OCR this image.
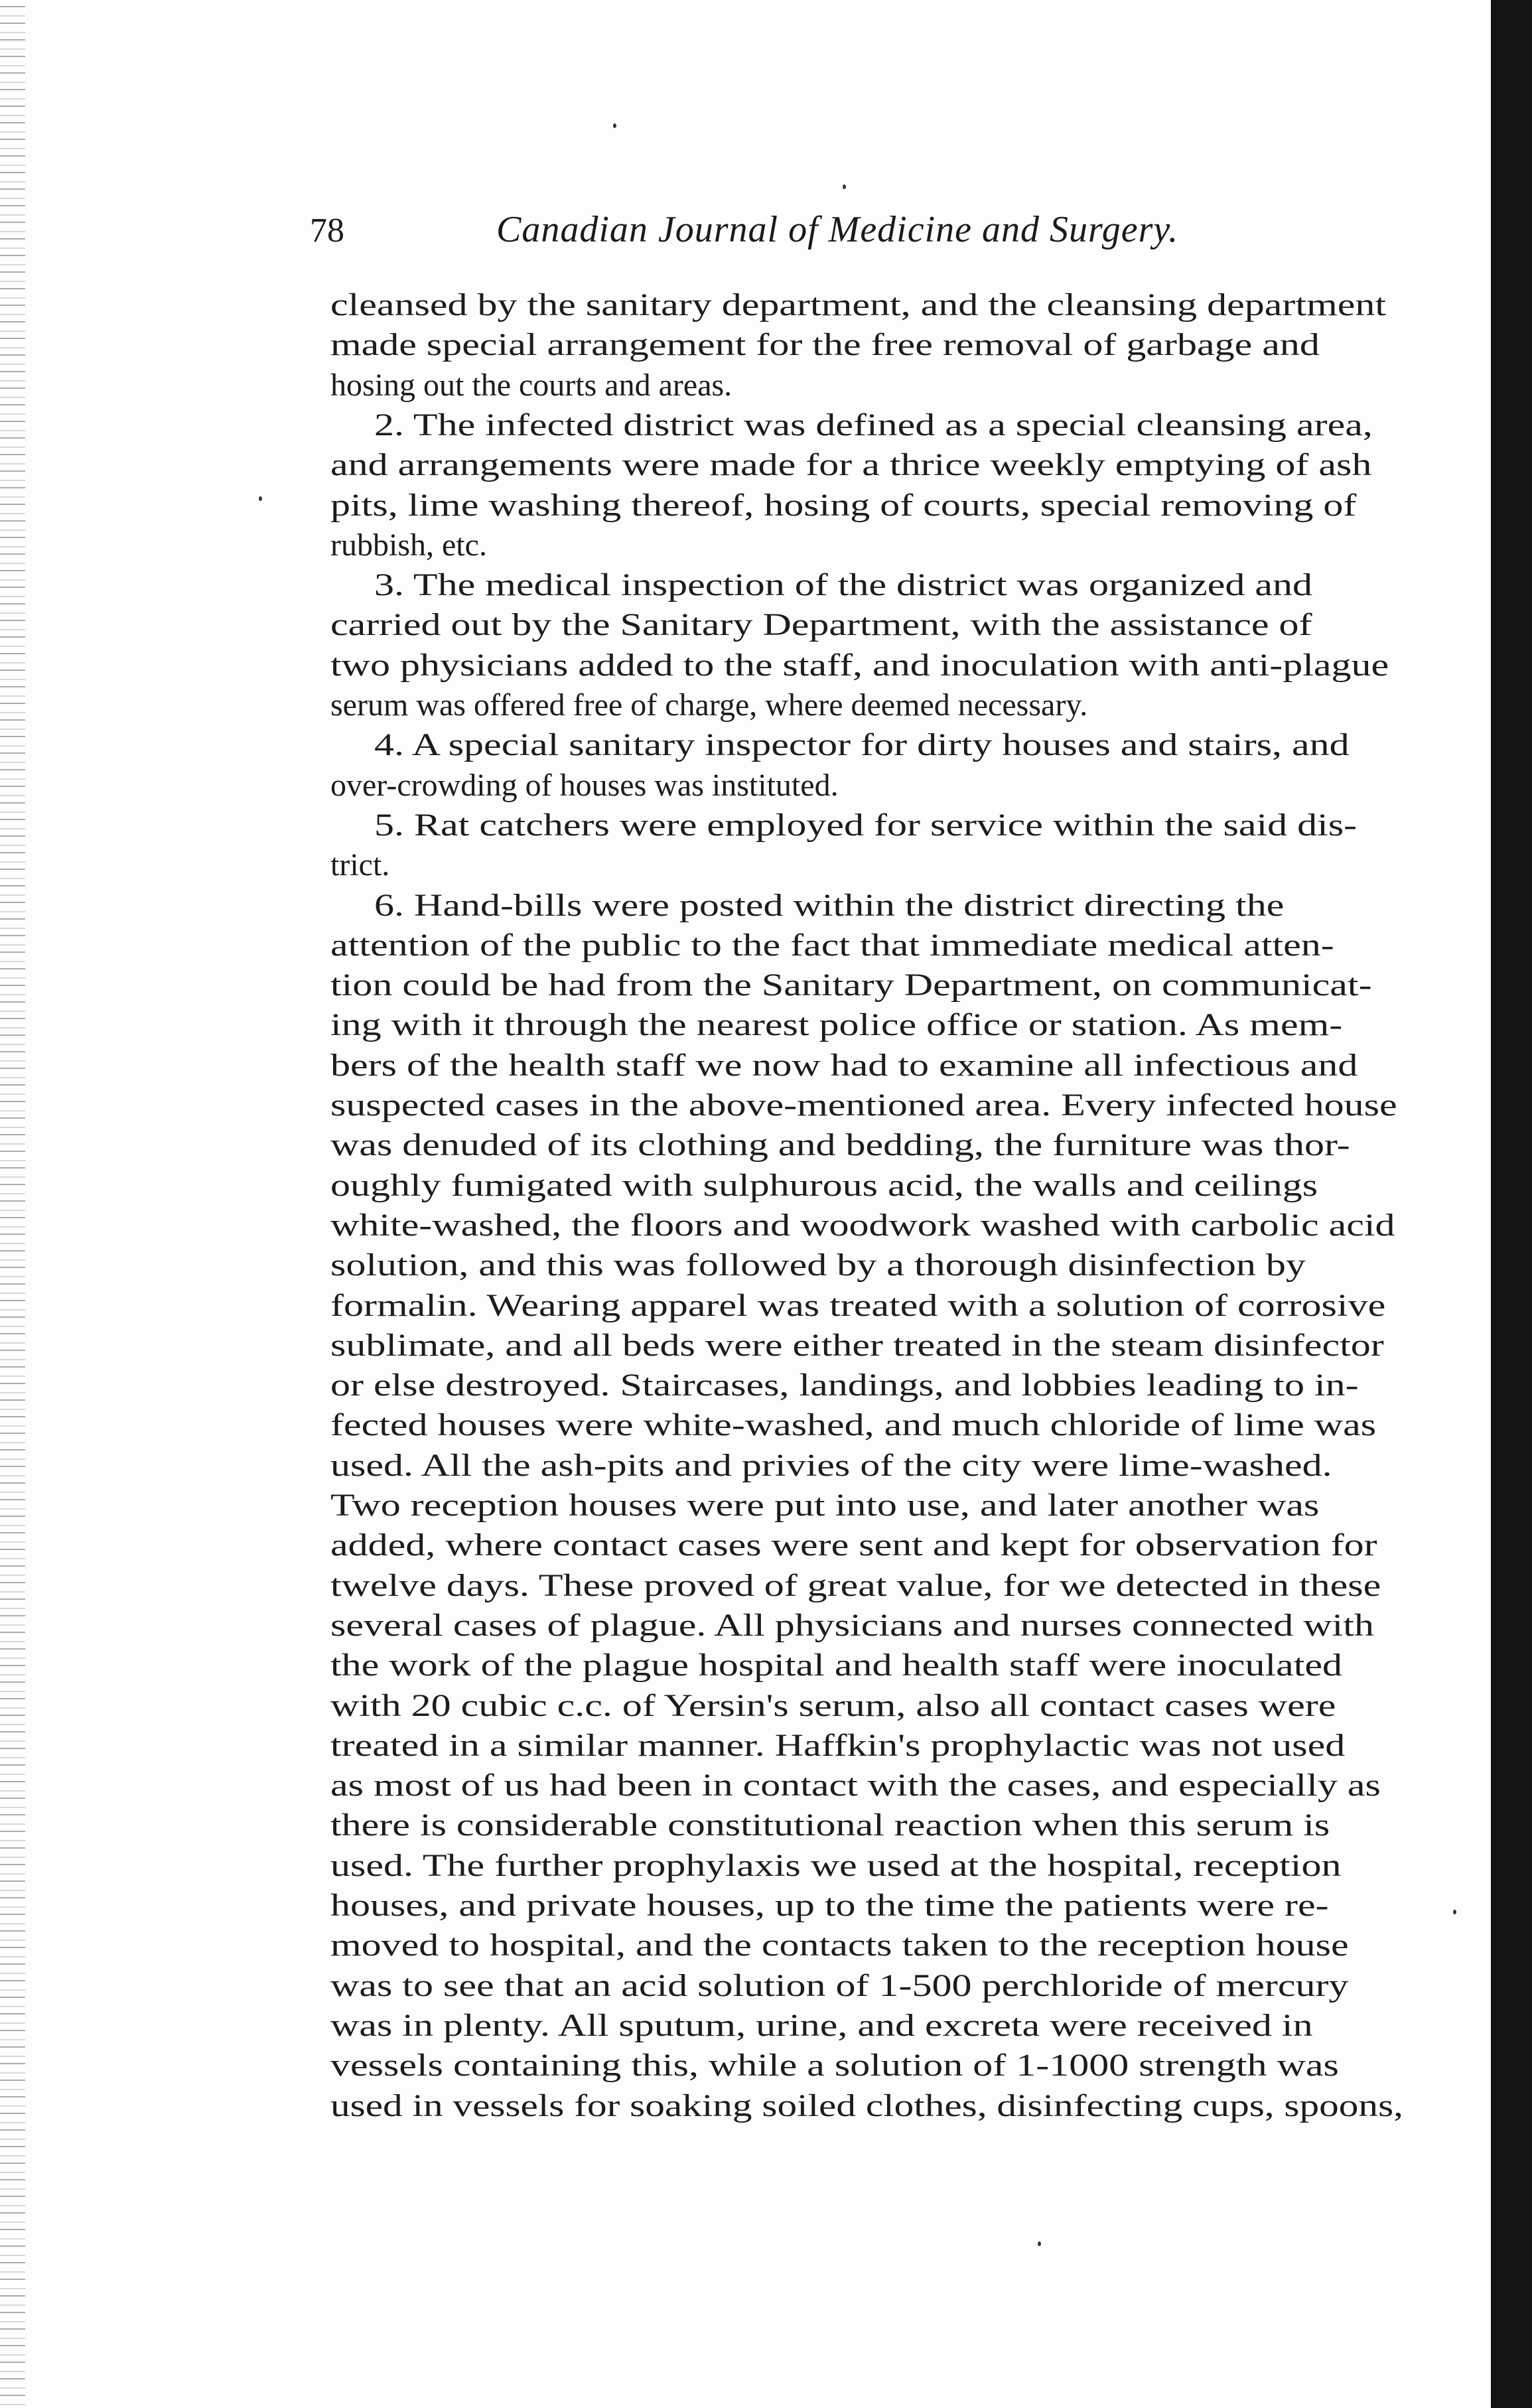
78	Canadian Journal of Medicine and Surgery.
cleansed by the sanitary department, and the cleansing department
made special arrangement for the free removal of garbage and
hosing out the courts and areas.
2. The infected district was defined as a special cleansing area,
and arrangements were made for a thrice weekly emptying of ash
pits, lime washing thereof, hosing of courts, special removing of
rubbish, etc.
3. The medical inspection of the district was organized and
carried out by the Sanitary Department, with the assistance of
two physicians added to the staff, and inoculation with anti-plague
serum was offered free of charge, where deemed necessary.
4. A special sanitary inspector for dirty houses and stairs, and
over-crowding of houses was instituted.
5. Rat catchers were employed for service within the said dis-
trict.
6. Hand-bills were posted within the district directing the
attention of the public to the fact that immediate medical atten-
tion could be had from the Sanitary Department, on communicat-
ing with it through the nearest police office or station. As mem-
bers of the health staff we now had to examine all infectious and
suspected cases in the above-mentioned area. Every infected house
was denuded of its clothing and bedding, the furniture was thor-
oughly fumigated with sulphurous acid, the walls and ceilings
white-washed, the floors and woodwork washed with carbolic acid
solution, and this was followed by a thorough disinfection by
formalin. Wearing apparel was treated with a solution of corrosive
sublimate, and all beds were either treated in the steam disinfector
or else destroyed. Staircases, landings, and lobbies leading to in-
fected houses were white-washed, and much chloride of lime was
used. All the ash-pits and privies of the city were lime-washed.
Two reception houses were put into use, and later another was
added, where contact cases were sent and kept for observation for
twelve days. These proved of great value, for we detected in these
several cases of plague. All physicians and nurses connected with
the work of the plague hospital and health staff were inoculated
with 20 cubic c.c. of Yersin's serum, also all contact cases were
treated in a similar manner. Haffkin's prophylactic was not used
as most of us had been in contact with the cases, and especially as
there is considerable constitutional reaction when this serum is
used. The further prophylaxis we used at the hospital, reception
houses, and private houses, up to the time the patients were re-
moved to hospital, and the contacts taken to the reception house
was to see that an acid solution of 1-500 perchloride of mercury
was in plenty. All sputum, urine, and excreta were received in
vessels containing this, while a solution of 1-1000 strength was
used in vessels for soaking soiled clothes, disinfecting cups, spoons,
